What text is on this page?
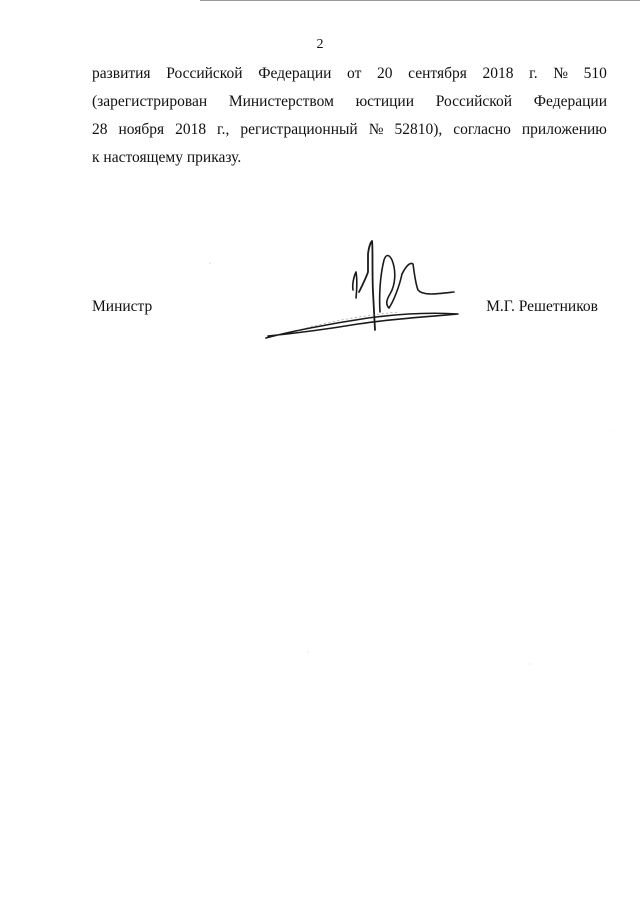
2
развития Российской Федерации от 20 сентября 2018 г. № 510
(зарегистрирован Министерством юстиции Российской Федерации
28 ноября 2018 г., регистрационный № 52810), согласно приложению
к настоящему приказу.
Министр	М.Г. Решетников
